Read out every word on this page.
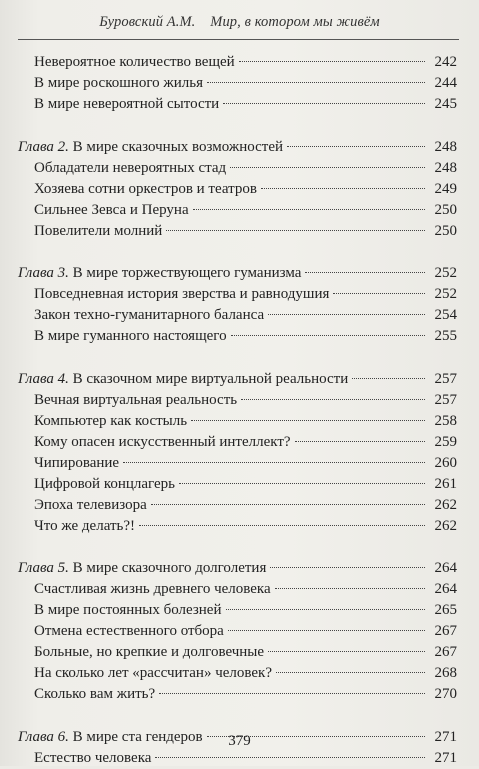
Буровский А.М. Мир, в котором мы живём
Невероятное количество вещей	242
В мире роскошного жилья	244
В мире невероятной сытости	245
Глава 2. В мире сказочных возможностей	248
Обладатели невероятных стад	248
Хозяева сотни оркестров и театров	249
Сильнее Зевса и Перуна	250
Повелители молний	250
Глава 3. В мире торжествующего гуманизма	252
Повседневная история зверства и равнодушия	252
Закон техно-гуманитарного баланса	254
В мире гуманного настоящего	255
Глава 4. В сказочном мире виртуальной реальности	257
Вечная виртуальная реальность	257
Компьютер как костыль	258
Кому опасен искусственный интеллект?	259
Чипирование	260
Цифровой концлагерь	261
Эпоха телевизора	262
Что же делать?!	262
Глава 5. В мире сказочного долголетия	264
Счастливая жизнь древнего человека	264
В мире постоянных болезней	265
Отмена естественного отбора	267
Больные, но крепкие и долговечные	267
На сколько лет «рассчитан» человек?	268
Сколько вам жить?	270
Глава 6. В мире ста гендеров	271
Естество человека	271
379
